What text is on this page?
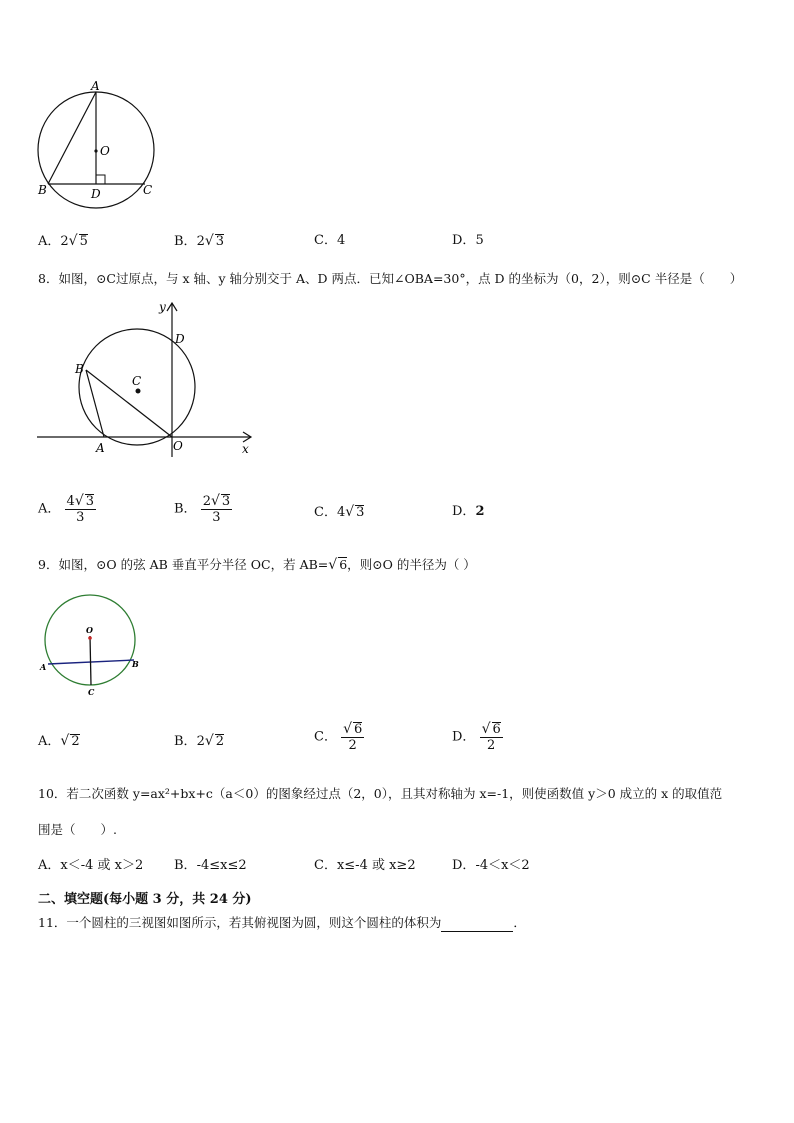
A
O
B	D	C
A．2√ 5	B．2√ 3	C．4	D．5
8．如图，⊙C过原点，与 x 轴、y 轴分别交于 A、D 两点．已知∠OBA=30°，点 D 的坐标为（0，2），则⊙C 半径是（　　）
y
D
B
C
A	O	x
A． $\frac{4√ 3}{3}$	B． $\frac{2√ 3}{3}$	C．4√ 3	D．2
9．如图，⊙O 的弦 AB 垂直平分半径 OC，若 AB=√ 6，则⊙O 的半径为（ ）
O
A	B
C
A．√ 2	B．2√ 2	C． $\frac{√ 6}{2}$	D． $\frac{√ 6}{2}$
10．若二次函数 y=ax²+bx+c（a＜0）的图象经过点（2，0），且其对称轴为 x=-1，则使函数值 y＞0 成立的 x 的取值范
围是（　　）.
A．x＜-4 或 x＞2 B．-4≤x≤2	C．x≤-4 或 x≥2	D．-4＜x＜2
二、填空题(每小题 3 分，共 24 分)
11．一个圆柱的三视图如图所示，若其俯视图为圆，则这个圆柱的体积为	．
